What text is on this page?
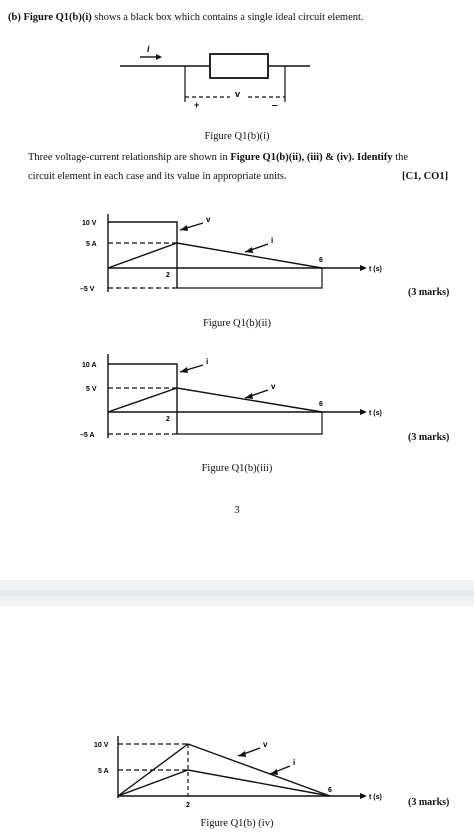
(b) Figure Q1(b)(i) shows a black box which contains a single ideal circuit element.
i
v
+	–
Figure Q1(b)(i)
Three voltage-current relationship are shown in Figure Q1(b)(ii), (iii) & (iv). Identify the
circuit element in each case and its value in appropriate units.	[C1, CO1]
10 V
5 A
–5 V
2
6
t (s)
v
i
(3 marks)
Figure Q1(b)(ii)
10 A
5 V
–5 A
2
6
t (s)
i
v
(3 marks)
Figure Q1(b)(iii)
3
10 V
5 A
2
6
t (s)
v
i
(3 marks)
Figure Q1(b) (iv)
